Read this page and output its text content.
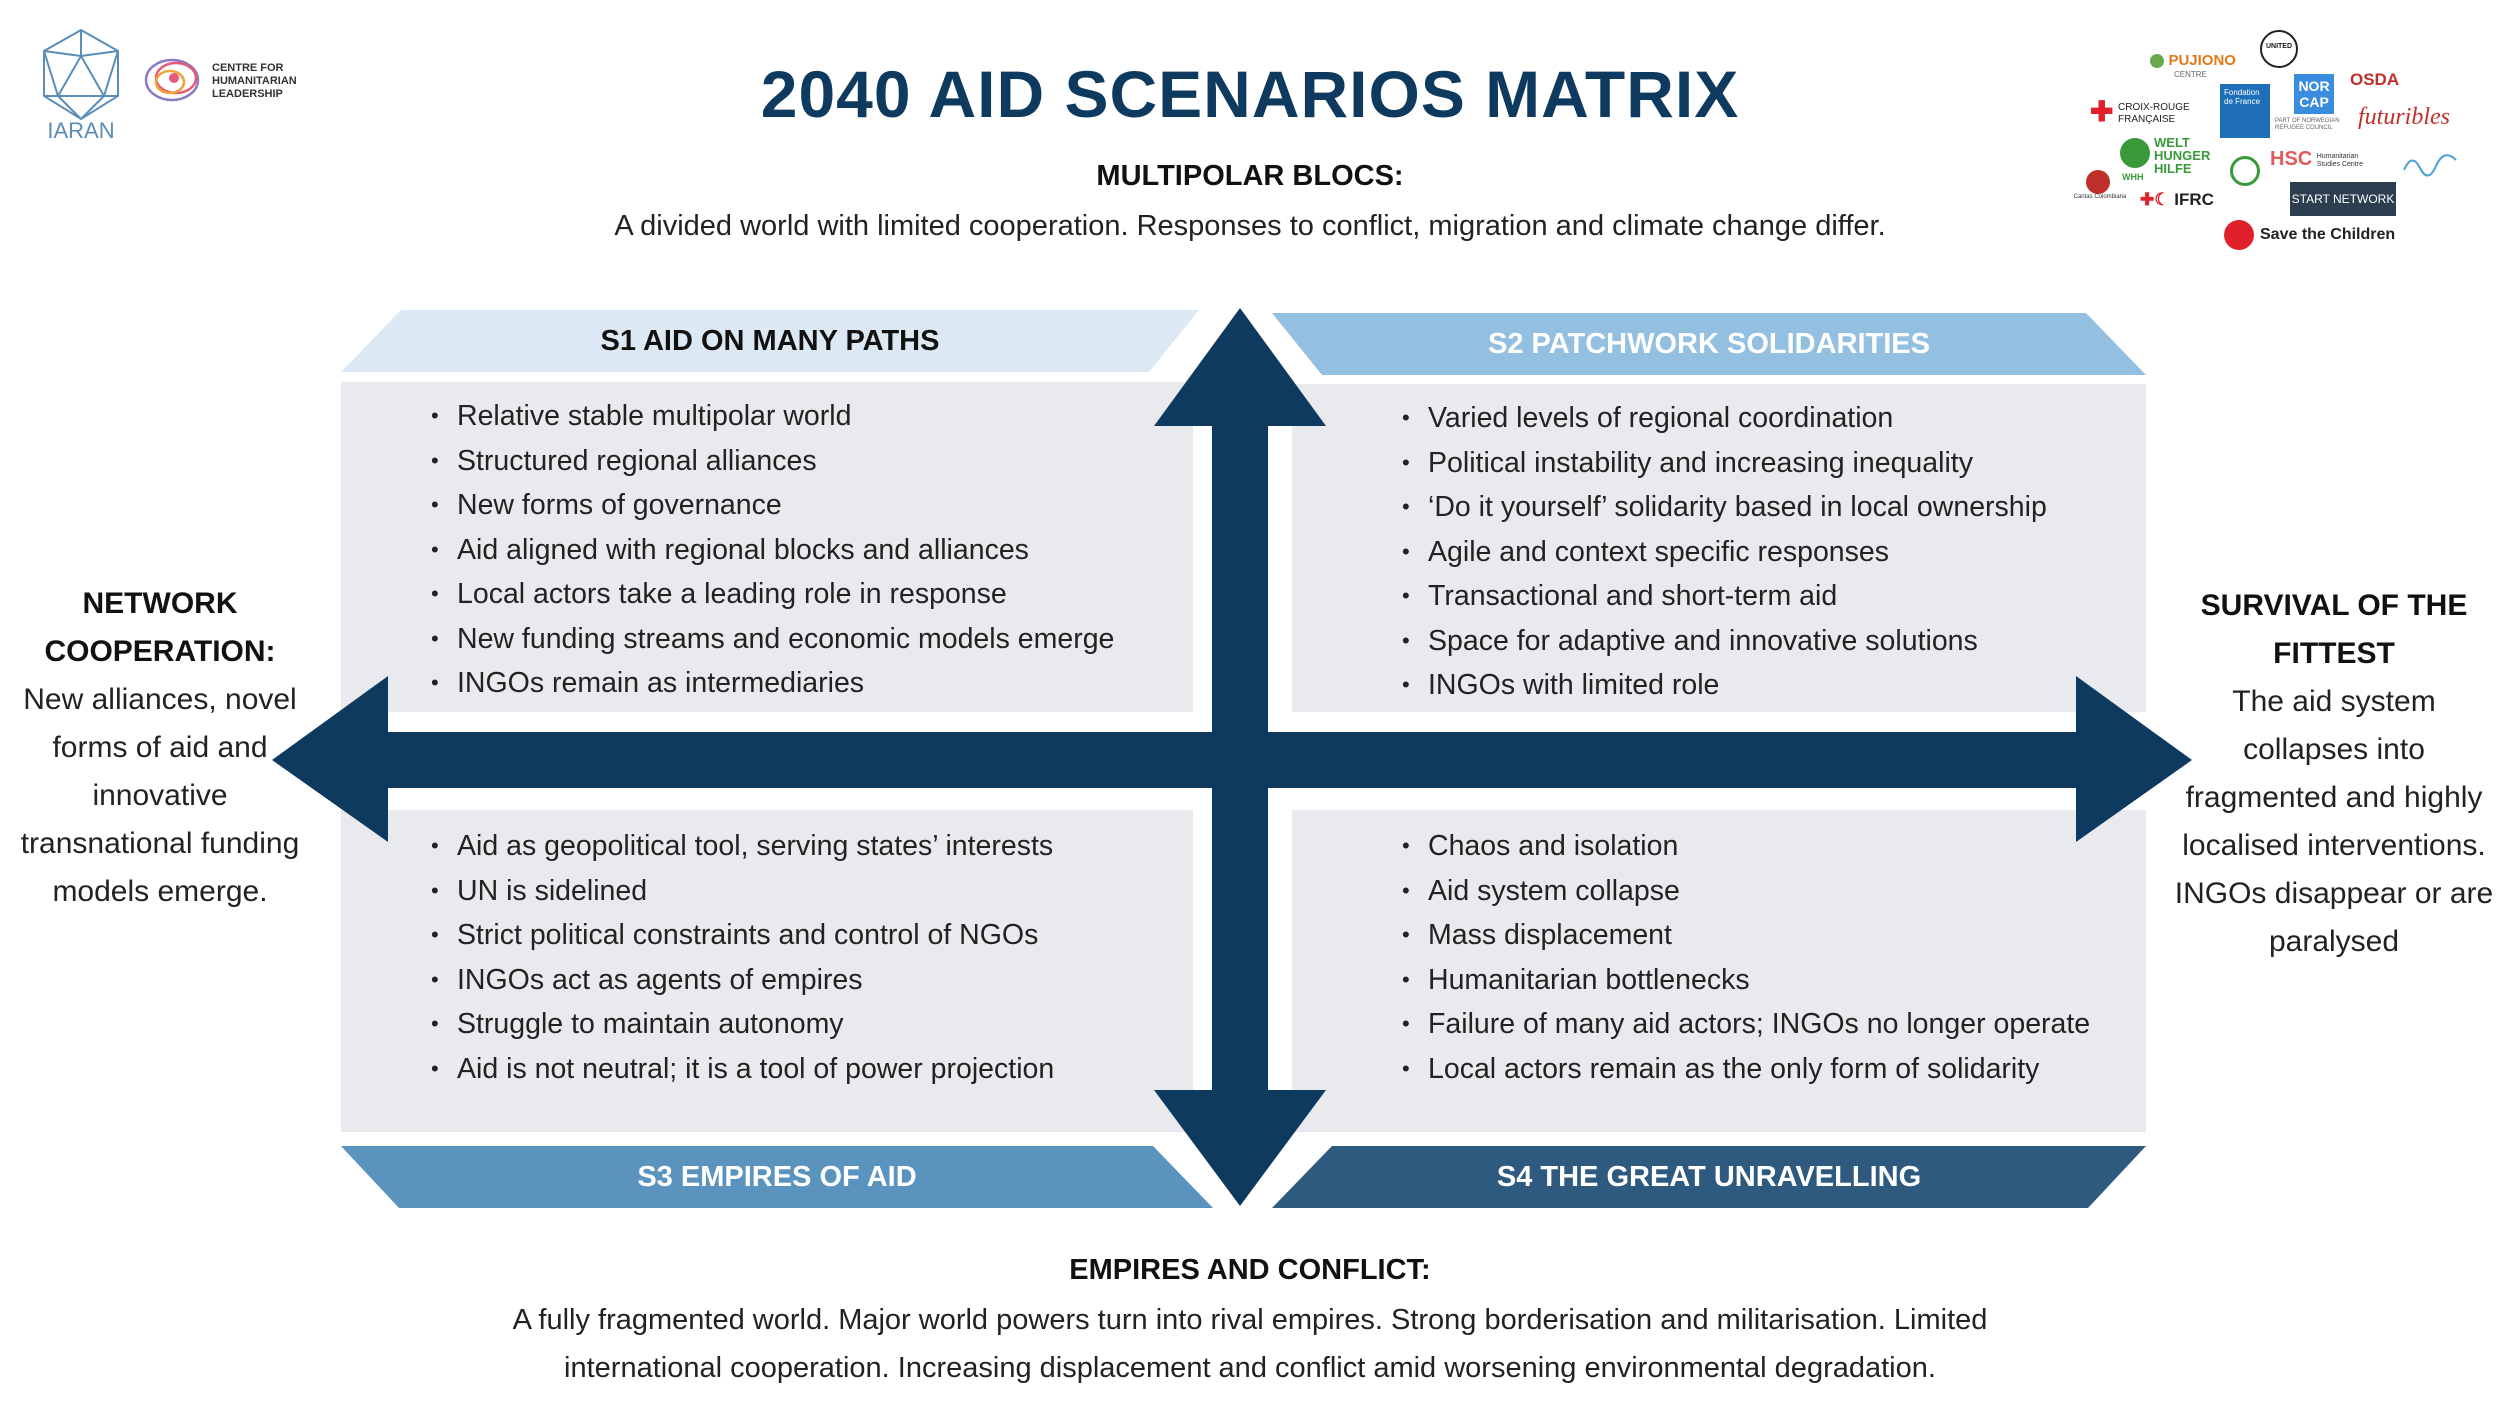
IARAN
CENTRE FOR HUMANITARIAN LEADERSHIP	2040 AID SCENARIOS MATRIX
MULTIPOLAR BLOCS:
A divided world with limited cooperation. Responses to conflict, migration and climate change differ.
PUJIONO
CENTRE
UNITED
✚ CROIX-ROUGE FRANÇAISE
Fondation de France
NOR CAP
PART OF NORWEGIAN REFUGEE COUNCIL
OSDA
futuribles
WELT
HUNGER
HILFE
WHH
HSC Humanitarian Studies Centre
Caritas Colombiana ✚☾ IFRC	START NETWORK
Save the Children
S1 AID ON MANY PATHS	S2 PATCHWORK SOLIDARITIES
S3 EMPIRES OF AID	S4 THE GREAT UNRAVELLING
• Relative stable multipolar world
• Structured regional alliances
• New forms of governance
• Aid aligned with regional blocks and alliances
• Local actors take a leading role in response
• New funding streams and economic models emerge
• INGOs remain as intermediaries
• Varied levels of regional coordination
• Political instability and increasing inequality
• ‘Do it yourself’ solidarity based in local ownership
• Agile and context specific responses
• Transactional and short-term aid
• Space for adaptive and innovative solutions
• INGOs with limited role
• Aid as geopolitical tool, serving states’ interests
• UN is sidelined
• Strict political constraints and control of NGOs
• INGOs act as agents of empires
• Struggle to maintain autonomy
• Aid is not neutral; it is a tool of power projection
• Chaos and isolation
• Aid system collapse
• Mass displacement
• Humanitarian bottlenecks
• Failure of many aid actors; INGOs no longer operate
• Local actors remain as the only form of solidarity
NETWORK
COOPERATION:
New alliances, novel
forms of aid and
innovative
transnational funding
models emerge.
SURVIVAL OF THE
FITTEST
The aid system
collapses into
fragmented and highly
localised interventions.
INGOs disappear or are
paralysed
EMPIRES AND CONFLICT:
A fully fragmented world. Major world powers turn into rival empires. Strong borderisation and militarisation. Limited
international cooperation. Increasing displacement and conflict amid worsening environmental degradation.
